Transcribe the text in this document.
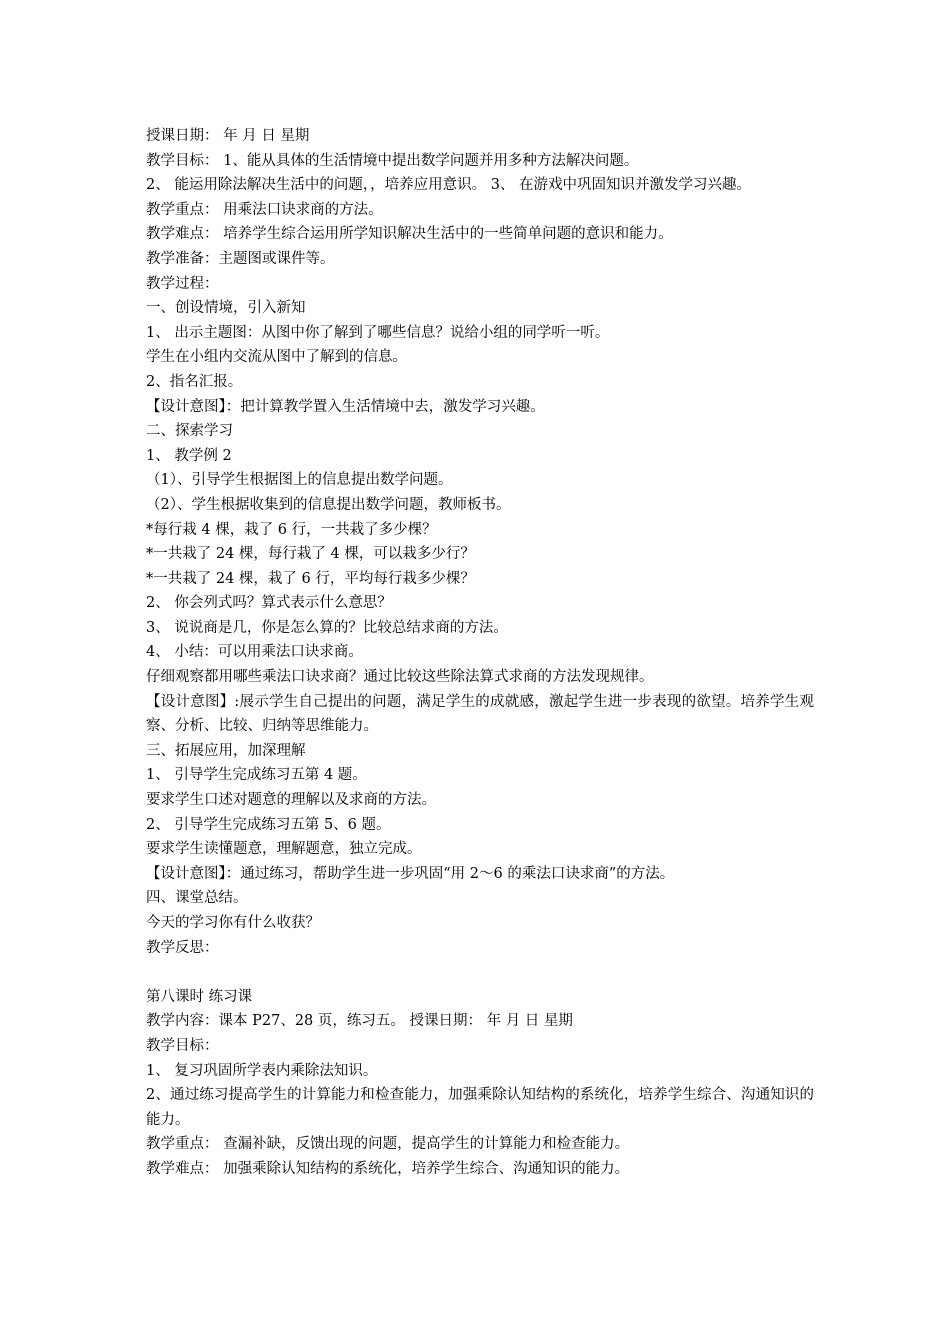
授课日期： 年 月 日 星期

教学目标： 1、能从具体的生活情境中提出数学问题并用多种方法解决问题。

2、 能运用除法解决生活中的问题，，培养应用意识。 3、 在游戏中巩固知识并激发学习兴趣。

教学重点： 用乘法口诀求商的方法。

教学难点： 培养学生综合运用所学知识解决生活中的一些简单问题的意识和能力。

教学准备：主题图或课件等。

教学过程：

一、创设情境，引入新知

1、 出示主题图：从图中你了解到了哪些信息？说给小组的同学听一听。

学生在小组内交流从图中了解到的信息。

2、指名汇报。

【设计意图】：把计算教学置入生活情境中去，激发学习兴趣。

二、探索学习

1、 教学例 2

（1）、引导学生根据图上的信息提出数学问题。

（2）、学生根据收集到的信息提出数学问题，教师板书。

*每行栽 4 棵，栽了 6 行，一共栽了多少棵？

*一共栽了 24 棵，每行栽了 4 棵，可以栽多少行？

*一共栽了 24 棵，栽了 6 行，平均每行栽多少棵？

2、 你会列式吗？算式表示什么意思？

3、 说说商是几，你是怎么算的？比较总结求商的方法。

4、 小结：可以用乘法口诀求商。

仔细观察都用哪些乘法口诀求商？通过比较这些除法算式求商的方法发现规律。

【设计意图】:展示学生自己提出的问题，满足学生的成就感，激起学生进一步表现的欲望。培养学生观察、分析、比较、归纳等思维能力。

三、拓展应用，加深理解

1、 引导学生完成练习五第 4 题。

要求学生口述对题意的理解以及求商的方法。

2、 引导学生完成练习五第 5、6 题。

要求学生读懂题意，理解题意，独立完成。

【设计意图】：通过练习，帮助学生进一步巩固“用 2～6 的乘法口诀求商”的方法。

四、课堂总结。

今天的学习你有什么收获？

教学反思：

第八课时 练习课

教学内容：课本 P27、28 页，练习五。 授课日期： 年 月 日 星期

教学目标：

1、 复习巩固所学表内乘除法知识。

2、通过练习提高学生的计算能力和检查能力，加强乘除认知结构的系统化，培养学生综合、沟通知识的能力。

教学重点： 查漏补缺，反馈出现的问题，提高学生的计算能力和检查能力。

教学难点： 加强乘除认知结构的系统化，培养学生综合、沟通知识的能力。
